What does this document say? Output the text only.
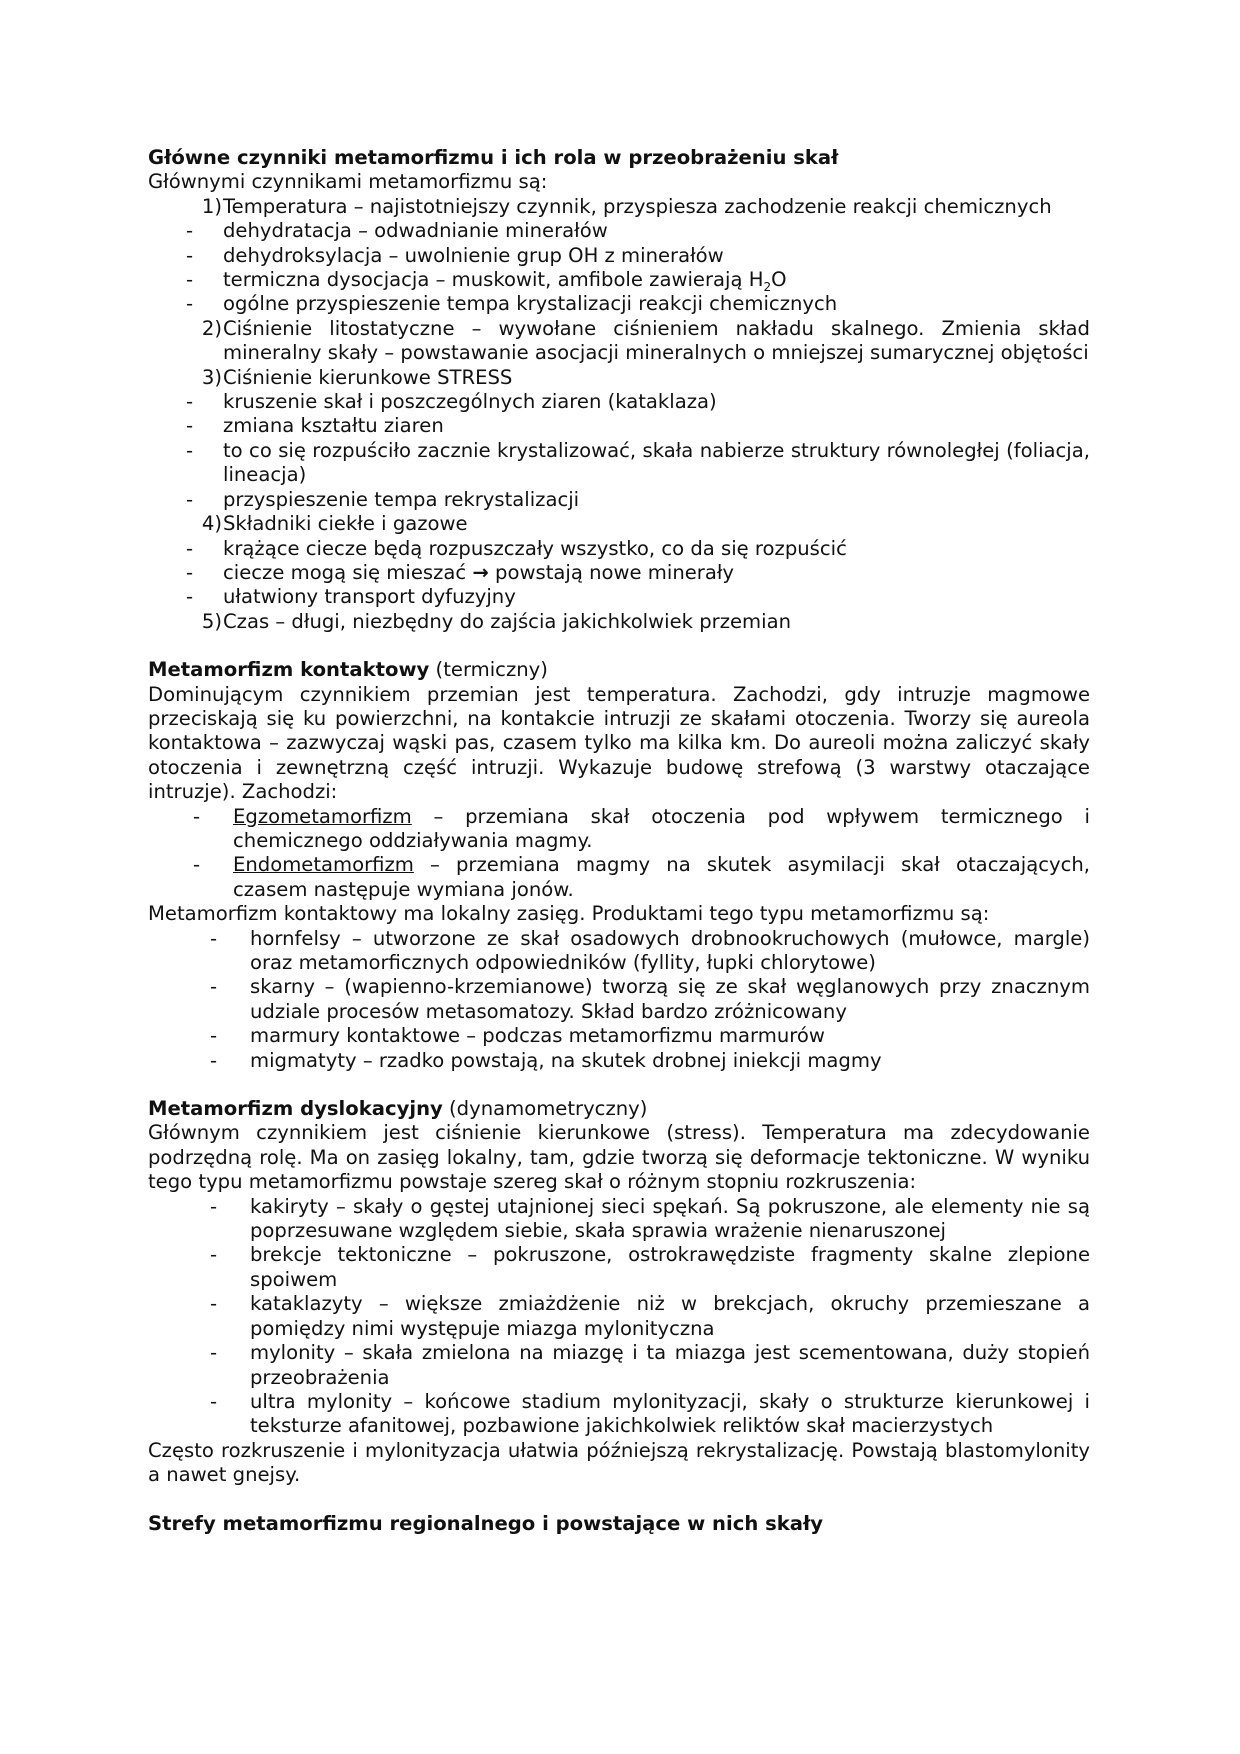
Główne czynniki metamorfizmu i ich rola w przeobrażeniu skał

Głównymi czynnikami metamorfizmu są:

1) Temperatura – najistotniejszy czynnik, przyspiesza zachodzenie reakcji chemicznych
- dehydratacja – odwadnianie minerałów
- dehydroksylacja – uwolnienie grup OH z minerałów
- termiczna dysocjacja – muskowit, amfibole zawierają $H_2O$
- ogólne przyspieszenie tempa krystalizacji reakcji chemicznych
2) Ciśnienie litostatyczne – wywołane ciśnieniem nakładu skalnego. Zmienia skład mineralny skały – powstawanie asocjacji mineralnych o mniejszej sumarycznej objętości
3) Ciśnienie kierunkowe STRESS
- kruszenie skał i poszczególnych ziaren (kataklaza)
- zmiana kształtu ziaren
- to co się rozpuściło zacznie krystalizować, skała nabierze struktury równoległej (foliacja, lineacja)
- przyspieszenie tempa rekrystalizacji
4) Składniki ciekłe i gazowe
- krążące ciecze będą rozpuszczały wszystko, co da się rozpuścić
- ciecze mogą się mieszać → powstają nowe minerały
- ułatwiony transport dyfuzyjny
5) Czas – długi, niezbędny do zajścia jakichkolwiek przemian

Metamorfizm kontaktowy (termiczny)

Dominującym czynnikiem przemian jest temperatura. Zachodzi, gdy intruzje magmowe przeciskają się ku powierzchni, na kontakcie intruzji ze skałami otoczenia. Tworzy się aureola kontaktowa – zazwyczaj wąski pas, czasem tylko ma kilka km. Do aureoli można zaliczyć skały otoczenia i zewnętrzną część intruzji. Wykazuje budowę strefową (3 warstwy otaczające intruzje). Zachodzi:

- Egzometamorfizm – przemiana skał otoczenia pod wpływem termicznego i chemicznego oddziaływania magmy.
- Endometamorfizm – przemiana magmy na skutek asymilacji skał otaczających, czasem następuje wymiana jonów.

Metamorfizm kontaktowy ma lokalny zasięg. Produktami tego typu metamorfizmu są:

- hornfelsy – utworzone ze skał osadowych drobnookruchowych (mułowce, margle) oraz metamorficznych odpowiedników (fyllity, łupki chlorytowe)
- skarny – (wapienno-krzemianowe) tworzą się ze skał węglanowych przy znacznym udziale procesów metasomatozy. Skład bardzo zróżnicowany
- marmury kontaktowe – podczas metamorfizmu marmurów
- migmatyty – rzadko powstają, na skutek drobnej iniekcji magmy

Metamorfizm dyslokacyjny (dynamometryczny)

Głównym czynnikiem jest ciśnienie kierunkowe (stress). Temperatura ma zdecydowanie podrzędną rolę. Ma on zasięg lokalny, tam, gdzie tworzą się deformacje tektoniczne. W wyniku tego typu metamorfizmu powstaje szereg skał o różnym stopniu rozkruszenia:

- kakiryty – skały o gęstej utajnionej sieci spękań. Są pokruszone, ale elementy nie są poprzesuwane względem siebie, skała sprawia wrażenie nienaruszonej
- brekcje tektoniczne – pokruszone, ostrokrawędziste fragmenty skalne zlepione spoiwem
- kataklazyty – większe zmiażdżenie niż w brekcjach, okruchy przemieszane a pomiędzy nimi występuje miazga mylonityczna
- mylonity – skała zmielona na miazgę i ta miazga jest scementowana, duży stopień przeobrażenia
- ultra mylonity – końcowe stadium mylonityzacji, skały o strukturze kierunkowej i teksturze afanitowej, pozbawione jakichkolwiek reliktów skał macierzystych

Często rozkruszenie i mylonityzacja ułatwia późniejszą rekrystalizację. Powstają blastomylonity a nawet gnejsy.

Strefy metamorfizmu regionalnego i powstające w nich skały
